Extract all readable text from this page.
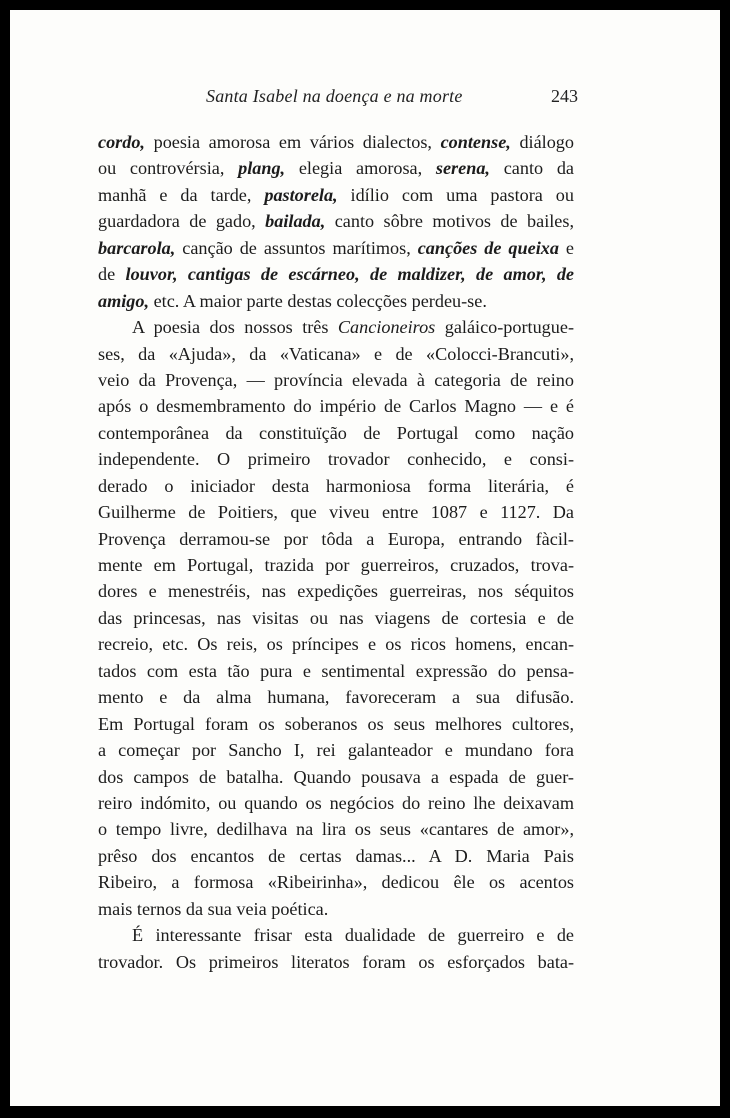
Santa Isabel na doença e na morte	243
cordo, poesia amorosa em vários dialectos, contense, diálogo
ou controvérsia, plang, elegia amorosa, serena, canto da
manhã e da tarde, pastorela, idílio com uma pastora ou
guardadora de gado, bailada, canto sôbre motivos de bailes,
barcarola, canção de assuntos marítimos, canções de queixa e
de louvor, cantigas de escárneo, de maldizer, de amor, de
amigo, etc. A maior parte destas colecções perdeu-se.
A poesia dos nossos três Cancioneiros galáico-portugue-
ses, da «Ajuda», da «Vaticana» e de «Colocci-Brancuti»,
veio da Provença, — província elevada à categoria de reino
após o desmembramento do império de Carlos Magno — e é
contemporânea da constituïção de Portugal como nação
independente. O primeiro trovador conhecido, e consi-
derado o iniciador desta harmoniosa forma literária, é
Guilherme de Poitiers, que viveu entre 1087 e 1127. Da
Provença derramou-se por tôda a Europa, entrando fàcil-
mente em Portugal, trazida por guerreiros, cruzados, trova-
dores e menestréis, nas expedições guerreiras, nos séquitos
das princesas, nas visitas ou nas viagens de cortesia e de
recreio, etc. Os reis, os príncipes e os ricos homens, encan-
tados com esta tão pura e sentimental expressão do pensa-
mento e da alma humana, favoreceram a sua difusão.
Em Portugal foram os soberanos os seus melhores cultores,
a começar por Sancho I, rei galanteador e mundano fora
dos campos de batalha. Quando pousava a espada de guer-
reiro indómito, ou quando os negócios do reino lhe deixavam
o tempo livre, dedilhava na lira os seus «cantares de amor»,
prêso dos encantos de certas damas... A D. Maria Pais
Ribeiro, a formosa «Ribeirinha», dedicou êle os acentos
mais ternos da sua veia poética.
É interessante frisar esta dualidade de guerreiro e de
trovador. Os primeiros literatos foram os esforçados bata-
